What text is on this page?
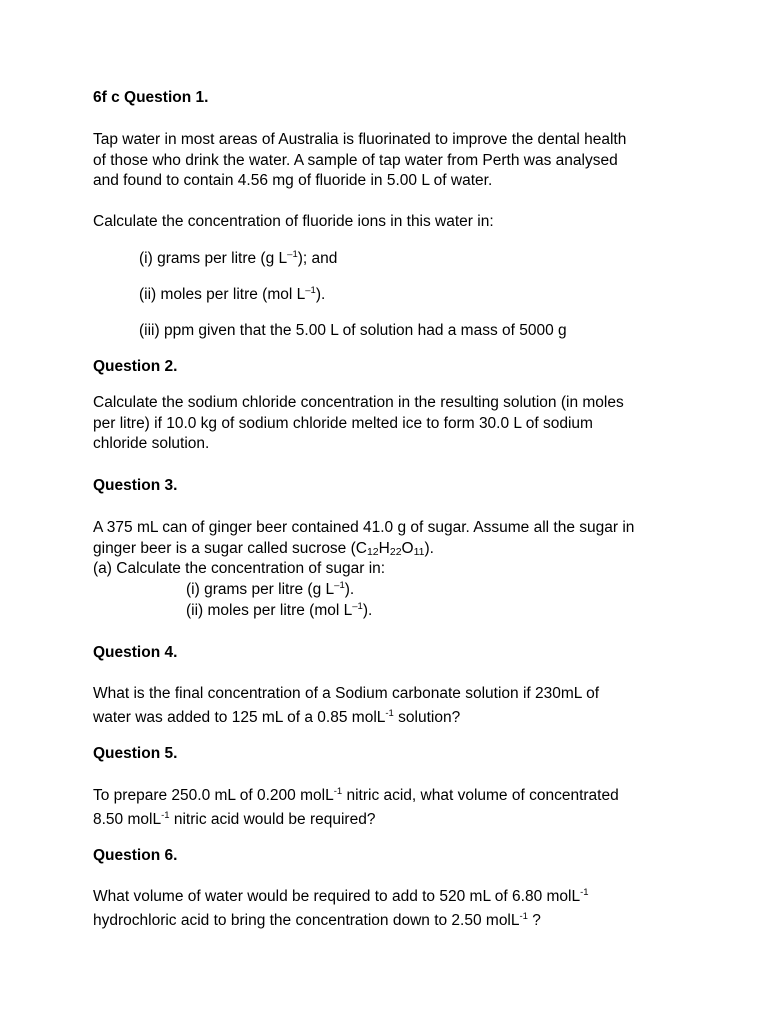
6f c Question 1.

Tap water in most areas of Australia is fluorinated to improve the dental health
of those who drink the water. A sample of tap water from Perth was analysed
and found to contain 4.56 mg of fluoride in 5.00 L of water.

Calculate the concentration of fluoride ions in this water in:

(i) grams per litre (g $L^{-1}$); and

(ii) moles per litre (mol $L^{-1}$).

(iii) ppm given that the 5.00 L of solution had a mass of 5000 g

Question 2.

Calculate the sodium chloride concentration in the resulting solution (in moles
per litre) if 10.0 kg of sodium chloride melted ice to form 30.0 L of sodium
chloride solution.

Question 3.

A 375 mL can of ginger beer contained 41.0 g of sugar. Assume all the sugar in

ginger beer is a sugar called sucrose $(C_{12}H_{22}O_{11})$.

(a) Calculate the concentration of sugar in:

(i) grams per litre (g $L^{-1}$).

(ii) moles per litre (mol $L^{-1}$).

Question 4.

What is the final concentration of a Sodium carbonate solution if 230mL of
water was added to 125 mL of a 0.85 molL$^{-1}$ solution?

Question 5.

To prepare 250.0 mL of 0.200 molL$^{-1}$ nitric acid, what volume of concentrated
8.50 molL$^{-1}$ nitric acid would be required?

Question 6.

What volume of water would be required to add to 520 mL of 6.80 molL$^{-1}$
hydrochloric acid to bring the concentration down to 2.50 molL$^{-1}$ ?
